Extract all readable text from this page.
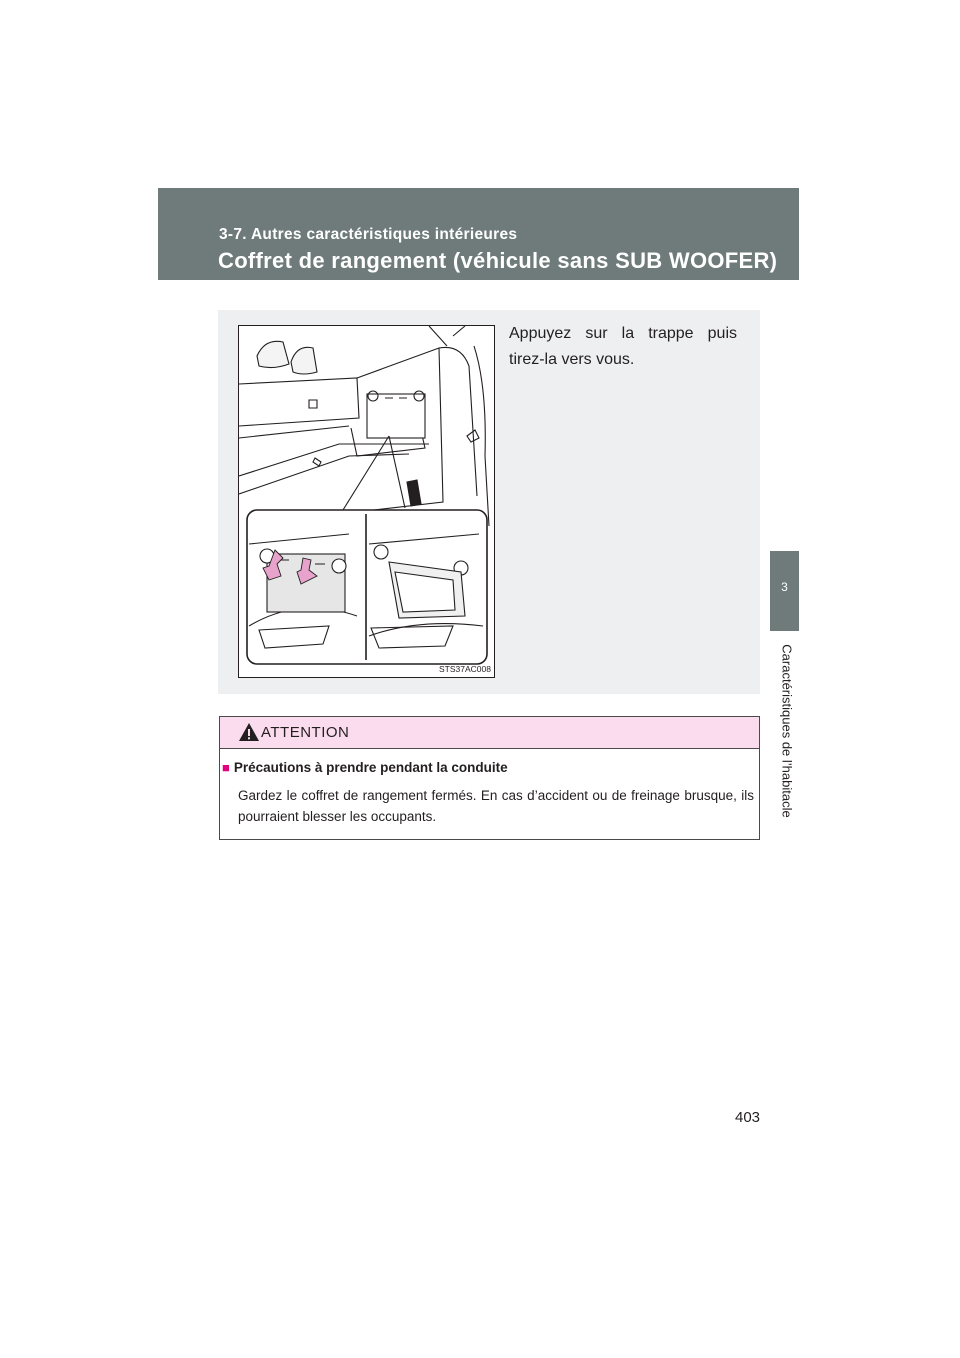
3-7. Autres caractéristiques intérieures
Coffret de rangement (véhicule sans SUB WOOFER)
3
Caractéristiques de l’habitacle
STS37AC008

Appuyez sur la trappe puis tirez-la vers vous.

ATTENTION
■ Précautions à prendre pendant la conduite

Gardez le coffret de rangement fermés. En cas d’accident ou de freinage brusque, ils pourraient blesser les occupants.

403
